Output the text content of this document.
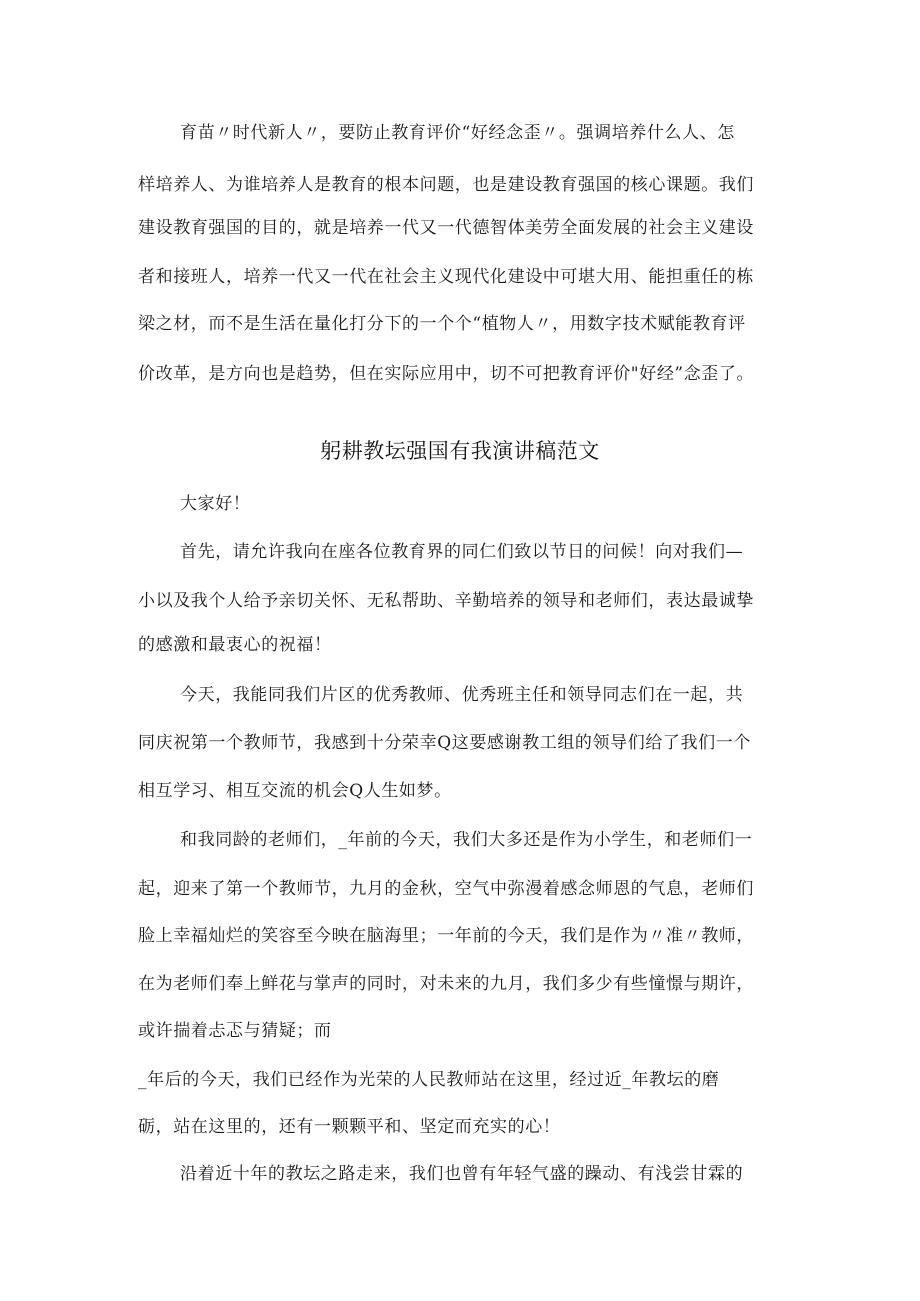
育苗〃时代新人〃，要防止教育评价“好经念歪〃。强调培养什么人、怎
样培养人、为谁培养人是教育的根本问题，也是建设教育强国的核心课题。我们
建设教育强国的目的，就是培养一代又一代德智体美劳全面发展的社会主义建设
者和接班人，培养一代又一代在社会主义现代化建设中可堪大用、能担重任的栋
梁之材，而不是生活在量化打分下的一个个“植物人〃，用数字技术赋能教育评
价改革，是方向也是趋势，但在实际应用中，切不可把教育评价"好经”念歪了。
躬耕教坛强国有我演讲稿范文
大家好！
首先，请允许我向在座各位教育界的同仁们致以节日的问候！向对我们—
小以及我个人给予亲切关怀、无私帮助、辛勤培养的领导和老师们，表达最诚挚
的感激和最衷心的祝福！
今天，我能同我们片区的优秀教师、优秀班主任和领导同志们在一起，共
同庆祝第一个教师节，我感到十分荣幸Q这要感谢教工组的领导们给了我们一个
相互学习、相互交流的机会Q人生如梦。
和我同龄的老师们，_年前的今天，我们大多还是作为小学生，和老师们一
起，迎来了第一个教师节，九月的金秋，空气中弥漫着感念师恩的气息，老师们
脸上幸福灿烂的笑容至今映在脑海里；一年前的今天，我们是作为〃准〃教师，
在为老师们奉上鲜花与掌声的同时，对未来的九月，我们多少有些憧憬与期许，
或许揣着忐忑与猜疑；而
_年后的今天，我们已经作为光荣的人民教师站在这里，经过近_年教坛的磨
砺，站在这里的，还有一颗颗平和、坚定而充实的心！
沿着近十年的教坛之路走来，我们也曾有年轻气盛的躁动、有浅尝甘霖的
